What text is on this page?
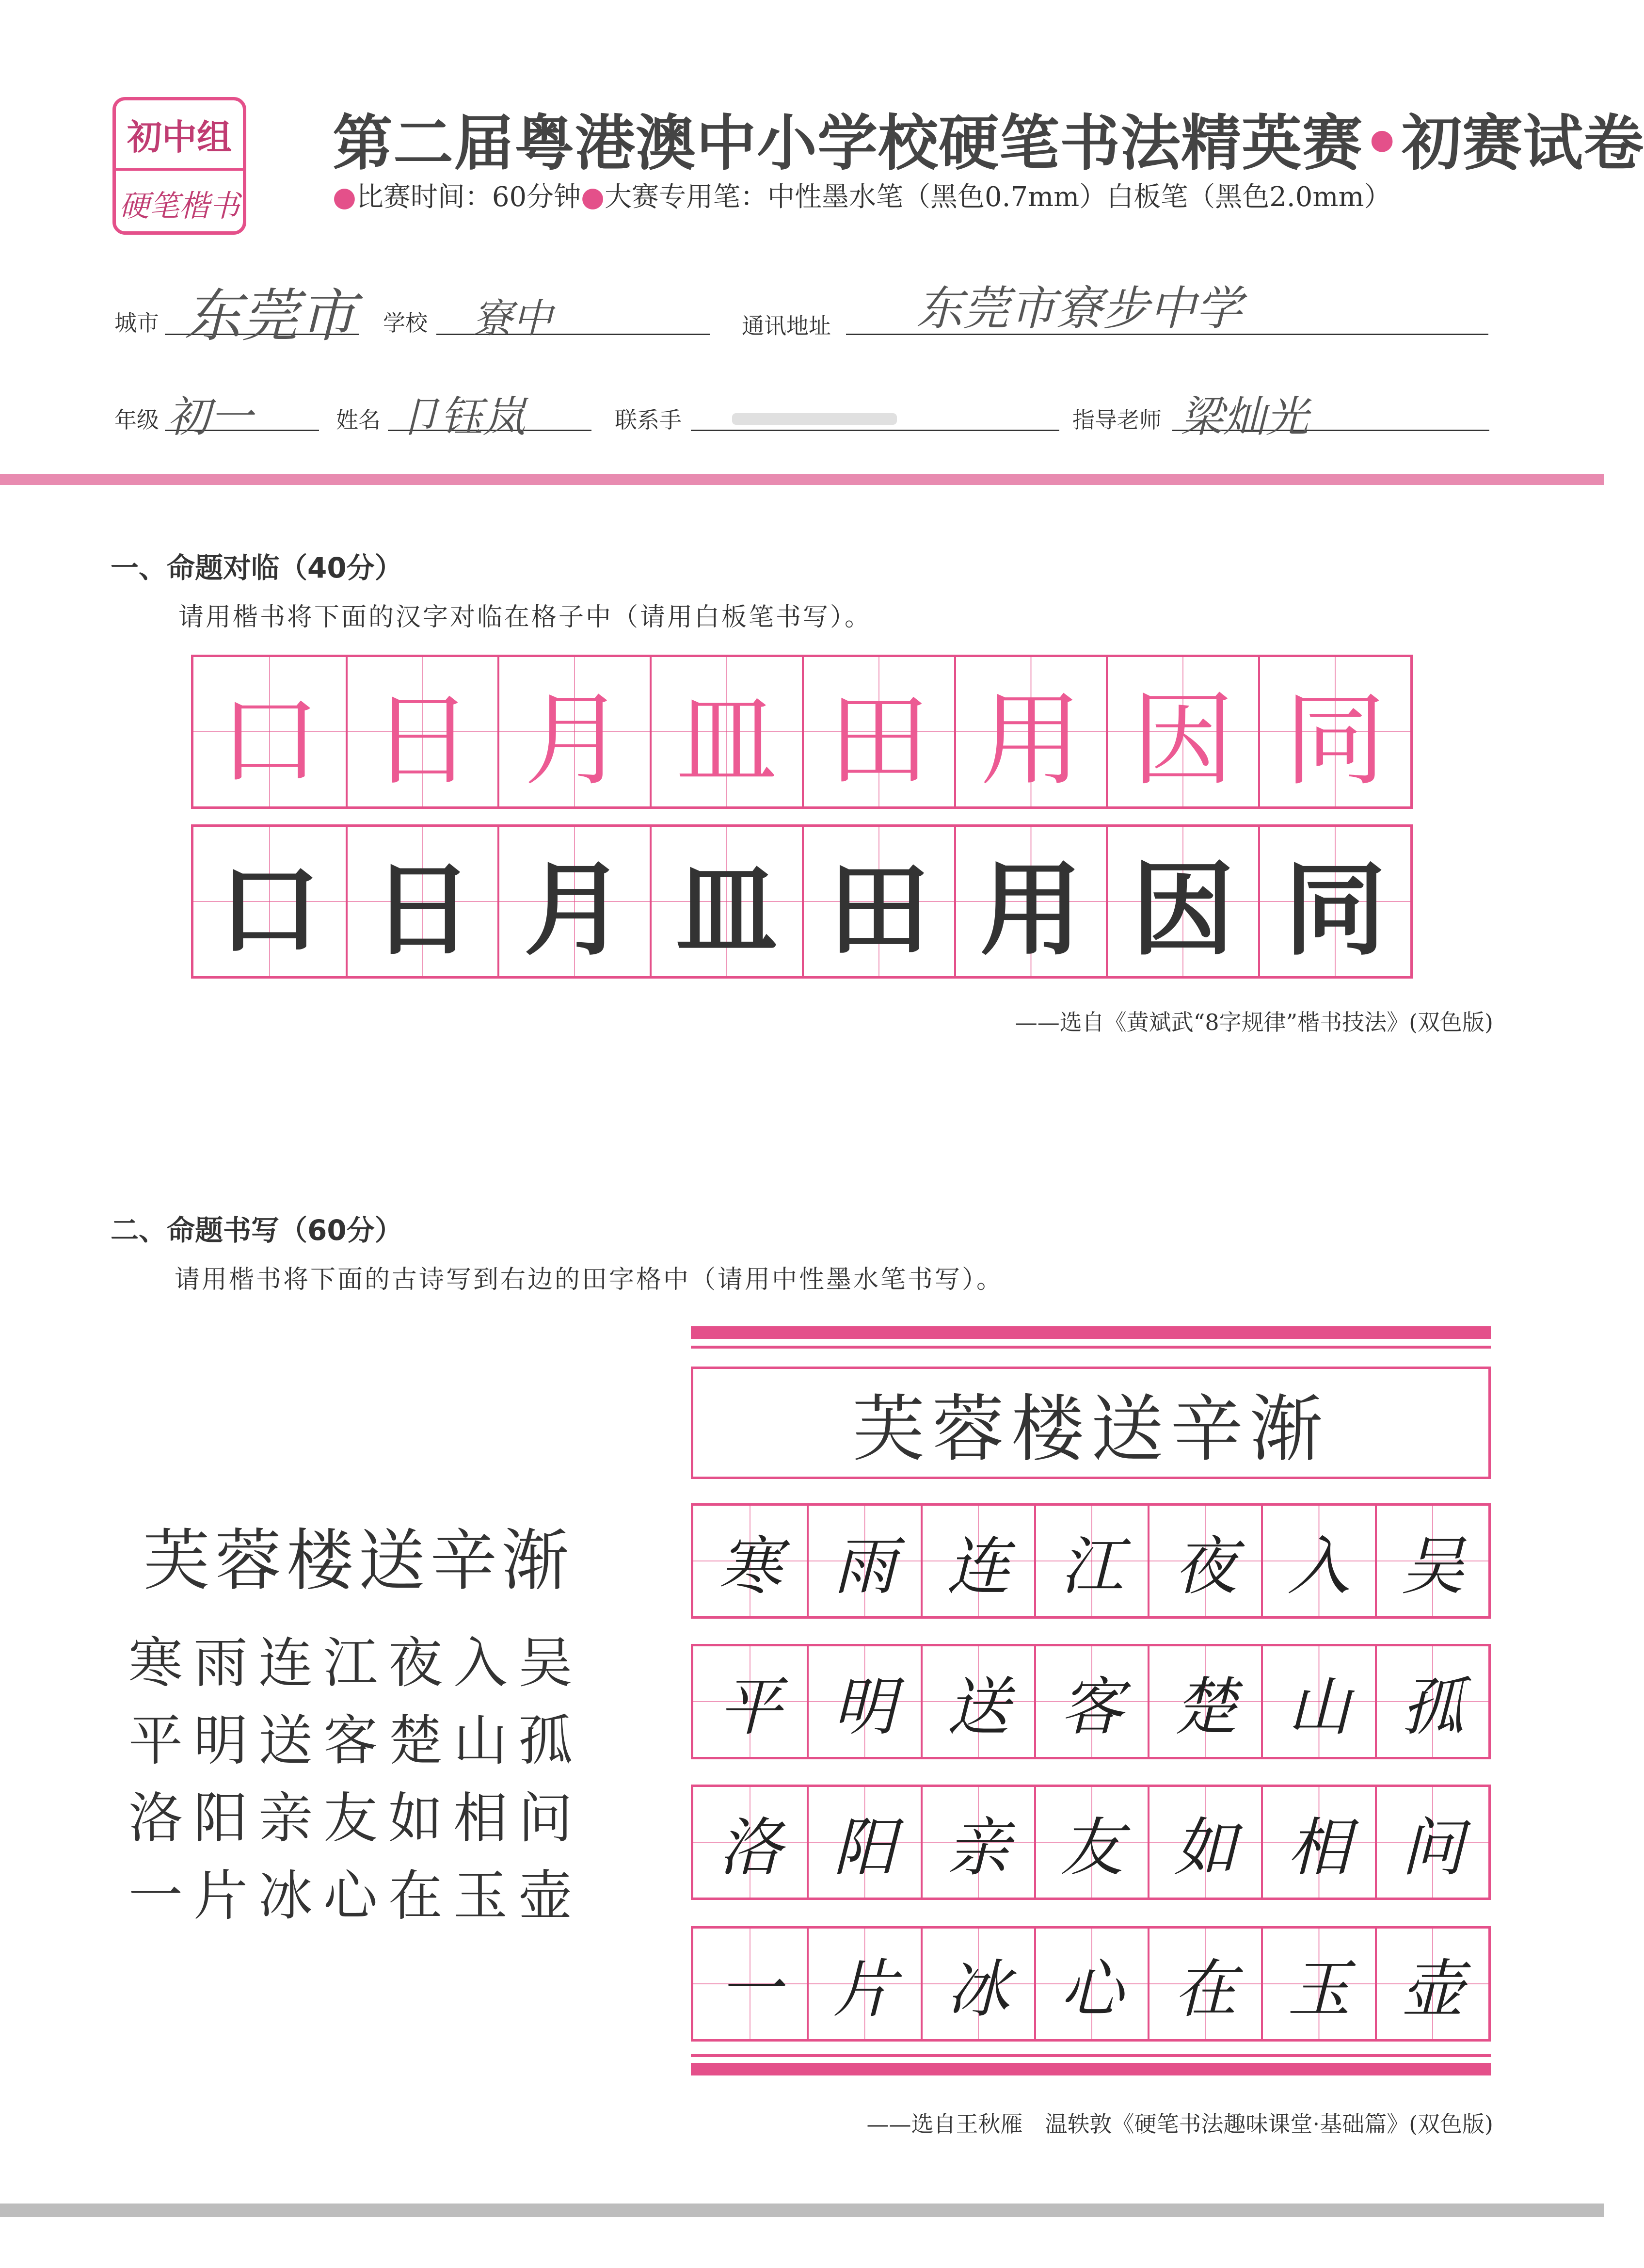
初中组
硬笔楷书
第二届粤港澳中小学校硬笔书法精英赛•初赛试卷
●比赛时间：60分钟●大赛专用笔：中性墨水笔（黑色0.7mm）白板笔（黑色2.0mm）
城市 东莞市 学校 寮中	通讯地址 东莞市寮步中学
年级 初一	姓名 卩钰岚	联系手	指导老师 梁灿光
一、命题对临（40分）
请用楷书将下面的汉字对临在格子中（请用白板笔书写）。
口 日 月 皿 田 用 因 同
口 日 月 皿 田 用 因 同
——选自《黄斌武“8字规律”楷书技法》(双色版)
二、命题书写（60分）
请用楷书将下面的古诗写到右边的田字格中（请用中性墨水笔书写）。
芙蓉楼送辛渐
寒雨连江夜入吴
平明送客楚山孤
洛阳亲友如相问
一片冰心在玉壶
芙蓉楼送辛渐
寒 雨 连 江 夜 入 吴
平 明 送 客 楚 山 孤
洛 阳 亲 友 如 相 问
一 片 冰 心 在 玉 壶
——选自王秋雁　温轶敦《硬笔书法趣味课堂·基础篇》(双色版)
